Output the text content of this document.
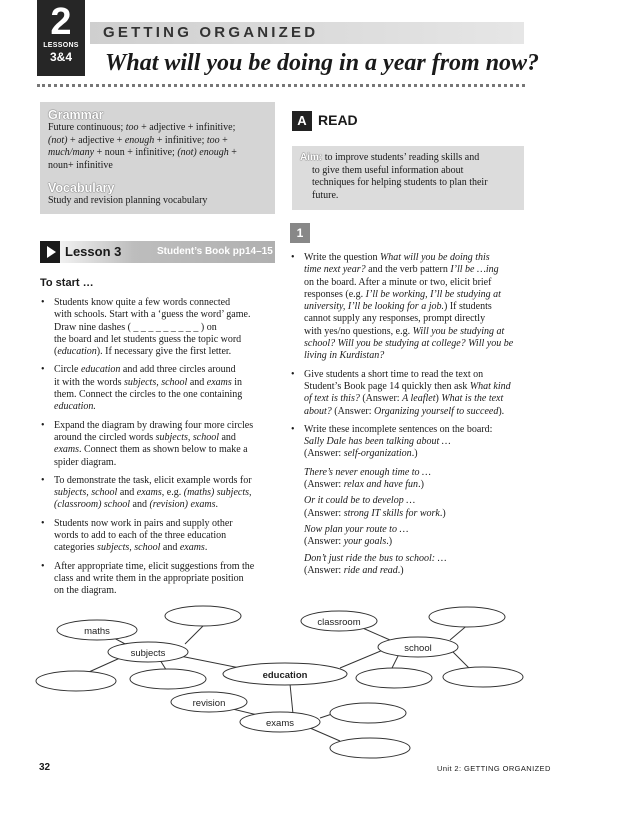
2
LESSONS
3&4
GETTING ORGANIZED
What will you be doing in a year from now?
Grammar
Future continuous; too + adjective + infinitive;
(not) + adjective + enough + infinitive; too +
much/many + noun + infinitive; (not) enough +
noun+ infinitive
Vocabulary
Study and revision planning vocabulary
A READ
Aim: to improve students’ reading skills and
to give them useful information about
techniques for helping students to plan their
future.
1
Lesson 3	Student’s Book pp14–15
To start …
• Students know quite a few words connected
with schools. Start with a ‘guess the word’ game.
Draw nine dashes ( _ _ _ _ _ _ _ _ _ ) on
the board and let students guess the topic word
(education). If necessary give the first letter.
• Circle education and add three circles around
it with the words subjects, school and exams in
them. Connect the circles to the one containing
education.
• Expand the diagram by drawing four more circles
around the circled words subjects, school and
exams. Connect them as shown below to make a
spider diagram.
• To demonstrate the task, elicit example words for
subjects, school and exams, e.g. (maths) subjects,
(classroom) school and (revision) exams.
• Students now work in pairs and supply other
words to add to each of the three education
categories subjects, school and exams.
• After appropriate time, elicit suggestions from the
class and write them in the appropriate position
on the diagram.
• Write the question What will you be doing this
time next year? and the verb pattern I’ll be …ing
on the board. After a minute or two, elicit brief
responses (e.g. I’ll be working, I’ll be studying at
university, I’ll be looking for a job.) If students
cannot supply any responses, prompt directly
with yes/no questions, e.g. Will you be studying at
school? Will you be studying at college? Will you be
living in Kurdistan?
• Give students a short time to read the text on
Student’s Book page 14 quickly then ask What kind
of text is this? (Answer: A leaflet) What is the text
about? (Answer: Organizing yourself to succeed).
• Write these incomplete sentences on the board:
Sally Dale has been talking about …
(Answer: self-organization.)
There’s never enough time to …
(Answer: relax and have fun.)
Or it could be to develop …
(Answer: strong IT skills for work.)
Now plan your route to …
(Answer: your goals.)
Don’t just ride the bus to school: …
(Answer: ride and read.)
maths
subjects
education
revision
exams
classroom
school
32	Unit 2: GETTING ORGANIZED
